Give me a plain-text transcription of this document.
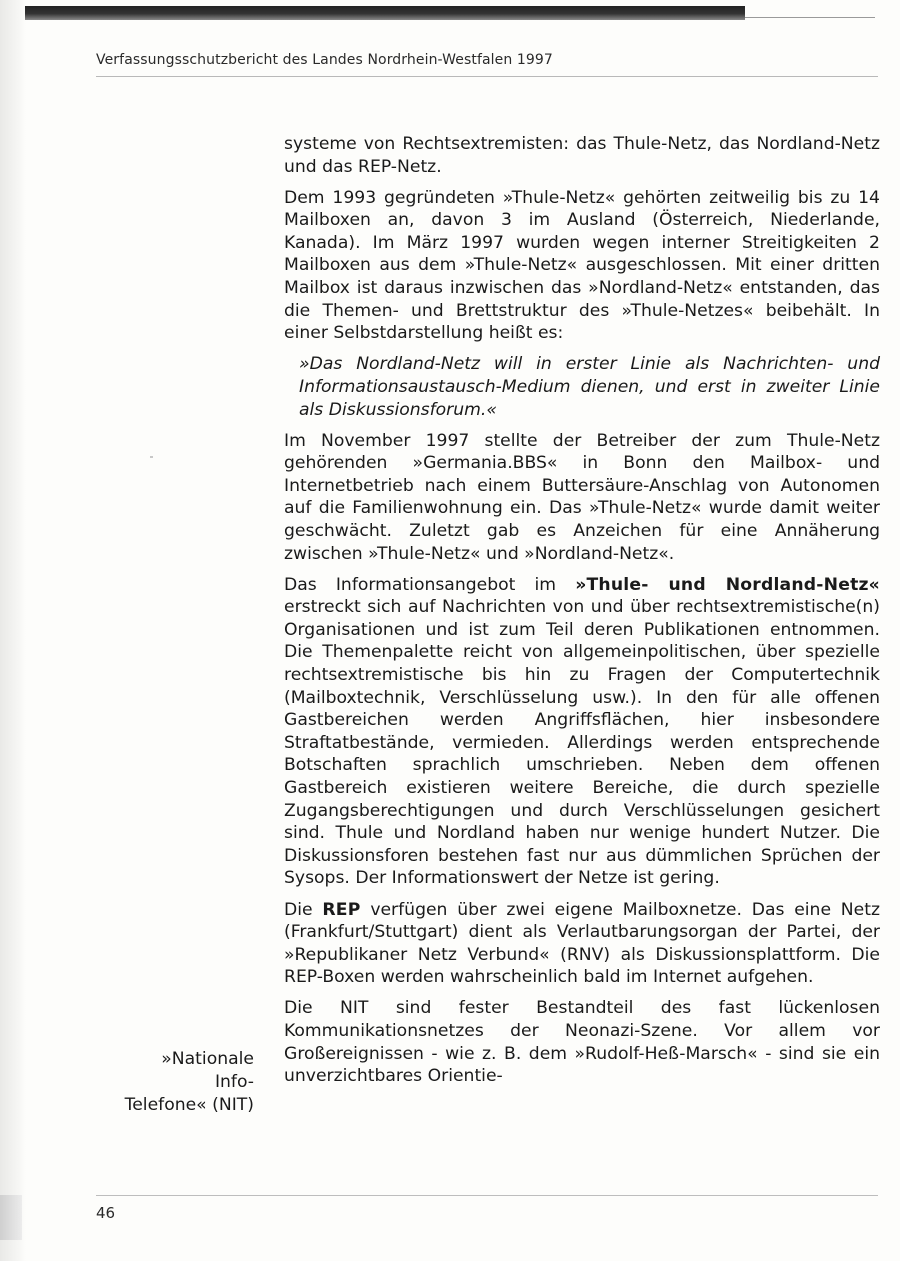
Verfassungsschutzbericht des Landes Nordrhein-Westfalen 1997

systeme von Rechtsextremisten: das Thule-Netz, das Nordland-Netz und das REP-Netz.

Dem 1993 gegründeten »Thule-Netz« gehörten zeitweilig bis zu 14 Mailboxen an, davon 3 im Ausland (Österreich, Niederlande, Kanada). Im März 1997 wurden wegen interner Streitigkeiten 2 Mailboxen aus dem »Thule-Netz« ausgeschlossen. Mit einer dritten Mailbox ist daraus inzwischen das »Nordland-Netz« entstanden, das die Themen- und Brettstruktur des »Thule-Netzes« beibehält. In einer Selbstdarstellung heißt es:

»Das Nordland-Netz will in erster Linie als Nachrichten- und Informationsaustausch-Medium dienen, und erst in zweiter Linie als Diskussionsforum.«

Im November 1997 stellte der Betreiber der zum Thule-Netz gehörenden »Germania.BBS« in Bonn den Mailbox- und Internetbetrieb nach einem Buttersäure-Anschlag von Autonomen auf die Familienwohnung ein. Das »Thule-Netz« wurde damit weiter geschwächt. Zuletzt gab es Anzeichen für eine Annäherung zwischen »Thule-Netz« und »Nordland-Netz«.

Das Informationsangebot im »Thule- und Nordland-Netz« erstreckt sich auf Nachrichten von und über rechtsextremistische(n) Organisationen und ist zum Teil deren Publikationen entnommen. Die Themenpalette reicht von allgemeinpolitischen, über spezielle rechtsextremistische bis hin zu Fragen der Computertechnik (Mailboxtechnik, Verschlüsselung usw.). In den für alle offenen Gastbereichen werden Angriffsflächen, hier insbesondere Straftatbestände, vermieden. Allerdings werden entsprechende Botschaften sprachlich umschrieben. Neben dem offenen Gastbereich existieren weitere Bereiche, die durch spezielle Zugangsberechtigungen und durch Verschlüsselungen gesichert sind. Thule und Nordland haben nur wenige hundert Nutzer. Die Diskussionsforen bestehen fast nur aus dümmlichen Sprüchen der Sysops. Der Informationswert der Netze ist gering.

Die REP verfügen über zwei eigene Mailboxnetze. Das eine Netz (Frankfurt/Stuttgart) dient als Verlautbarungsorgan der Partei, der »Republikaner Netz Verbund« (RNV) als Diskussionsplattform. Die REP-Boxen werden wahrscheinlich bald im Internet aufgehen.

Die NIT sind fester Bestandteil des fast lückenlosen Kommunikationsnetzes der Neonazi-Szene. Vor allem vor Großereignissen - wie z. B. dem »Rudolf-Heß-Marsch« - sind sie ein unverzichtbares Orientie-

»Nationale Info-
Telefone« (NIT)
46
